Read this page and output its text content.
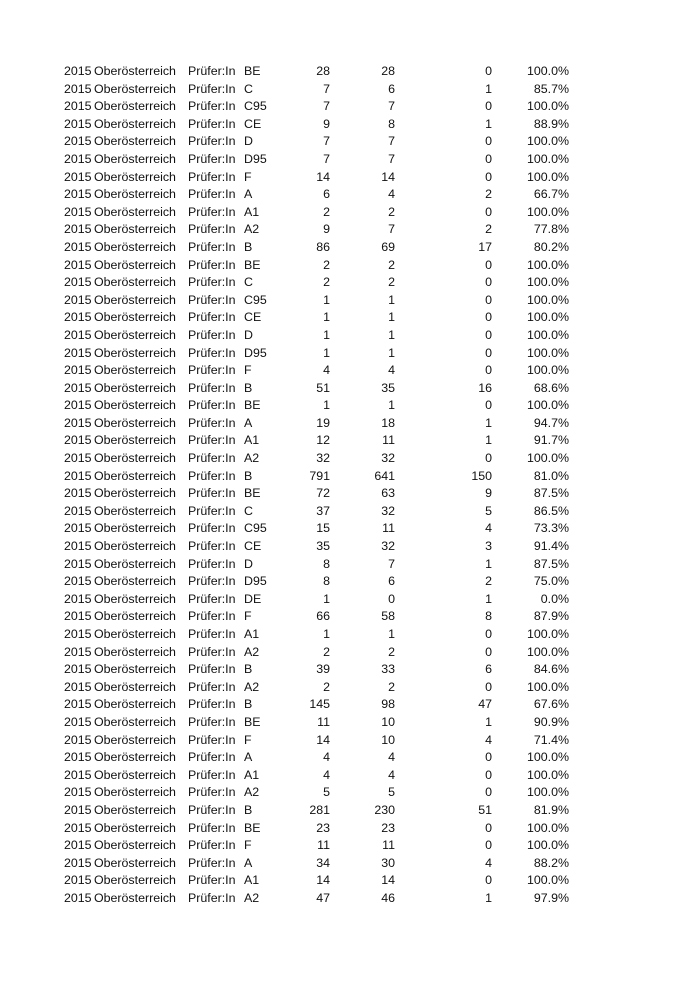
2015 Oberösterreich Prüfer:In BE	28	28	0	100.0%
2015 Oberösterreich Prüfer:In C	7	6	1	85.7%
2015 Oberösterreich Prüfer:In C95	7	7	0	100.0%
2015 Oberösterreich Prüfer:In CE	9	8	1	88.9%
2015 Oberösterreich Prüfer:In D	7	7	0	100.0%
2015 Oberösterreich Prüfer:In D95	7	7	0	100.0%
2015 Oberösterreich Prüfer:In F	14	14	0	100.0%
2015 Oberösterreich Prüfer:In A	6	4	2	66.7%
2015 Oberösterreich Prüfer:In A1	2	2	0	100.0%
2015 Oberösterreich Prüfer:In A2	9	7	2	77.8%
2015 Oberösterreich Prüfer:In B	86	69	17	80.2%
2015 Oberösterreich Prüfer:In BE	2	2	0	100.0%
2015 Oberösterreich Prüfer:In C	2	2	0	100.0%
2015 Oberösterreich Prüfer:In C95	1	1	0	100.0%
2015 Oberösterreich Prüfer:In CE	1	1	0	100.0%
2015 Oberösterreich Prüfer:In D	1	1	0	100.0%
2015 Oberösterreich Prüfer:In D95	1	1	0	100.0%
2015 Oberösterreich Prüfer:In F	4	4	0	100.0%
2015 Oberösterreich Prüfer:In B	51	35	16	68.6%
2015 Oberösterreich Prüfer:In BE	1	1	0	100.0%
2015 Oberösterreich Prüfer:In A	19	18	1	94.7%
2015 Oberösterreich Prüfer:In A1	12	11	1	91.7%
2015 Oberösterreich Prüfer:In A2	32	32	0	100.0%
2015 Oberösterreich Prüfer:In B	791	641	150	81.0%
2015 Oberösterreich Prüfer:In BE	72	63	9	87.5%
2015 Oberösterreich Prüfer:In C	37	32	5	86.5%
2015 Oberösterreich Prüfer:In C95	15	11	4	73.3%
2015 Oberösterreich Prüfer:In CE	35	32	3	91.4%
2015 Oberösterreich Prüfer:In D	8	7	1	87.5%
2015 Oberösterreich Prüfer:In D95	8	6	2	75.0%
2015 Oberösterreich Prüfer:In DE	1	0	1	0.0%
2015 Oberösterreich Prüfer:In F	66	58	8	87.9%
2015 Oberösterreich Prüfer:In A1	1	1	0	100.0%
2015 Oberösterreich Prüfer:In A2	2	2	0	100.0%
2015 Oberösterreich Prüfer:In B	39	33	6	84.6%
2015 Oberösterreich Prüfer:In A2	2	2	0	100.0%
2015 Oberösterreich Prüfer:In B	145	98	47	67.6%
2015 Oberösterreich Prüfer:In BE	11	10	1	90.9%
2015 Oberösterreich Prüfer:In F	14	10	4	71.4%
2015 Oberösterreich Prüfer:In A	4	4	0	100.0%
2015 Oberösterreich Prüfer:In A1	4	4	0	100.0%
2015 Oberösterreich Prüfer:In A2	5	5	0	100.0%
2015 Oberösterreich Prüfer:In B	281	230	51	81.9%
2015 Oberösterreich Prüfer:In BE	23	23	0	100.0%
2015 Oberösterreich Prüfer:In F	11	11	0	100.0%
2015 Oberösterreich Prüfer:In A	34	30	4	88.2%
2015 Oberösterreich Prüfer:In A1	14	14	0	100.0%
2015 Oberösterreich Prüfer:In A2	47	46	1	97.9%
